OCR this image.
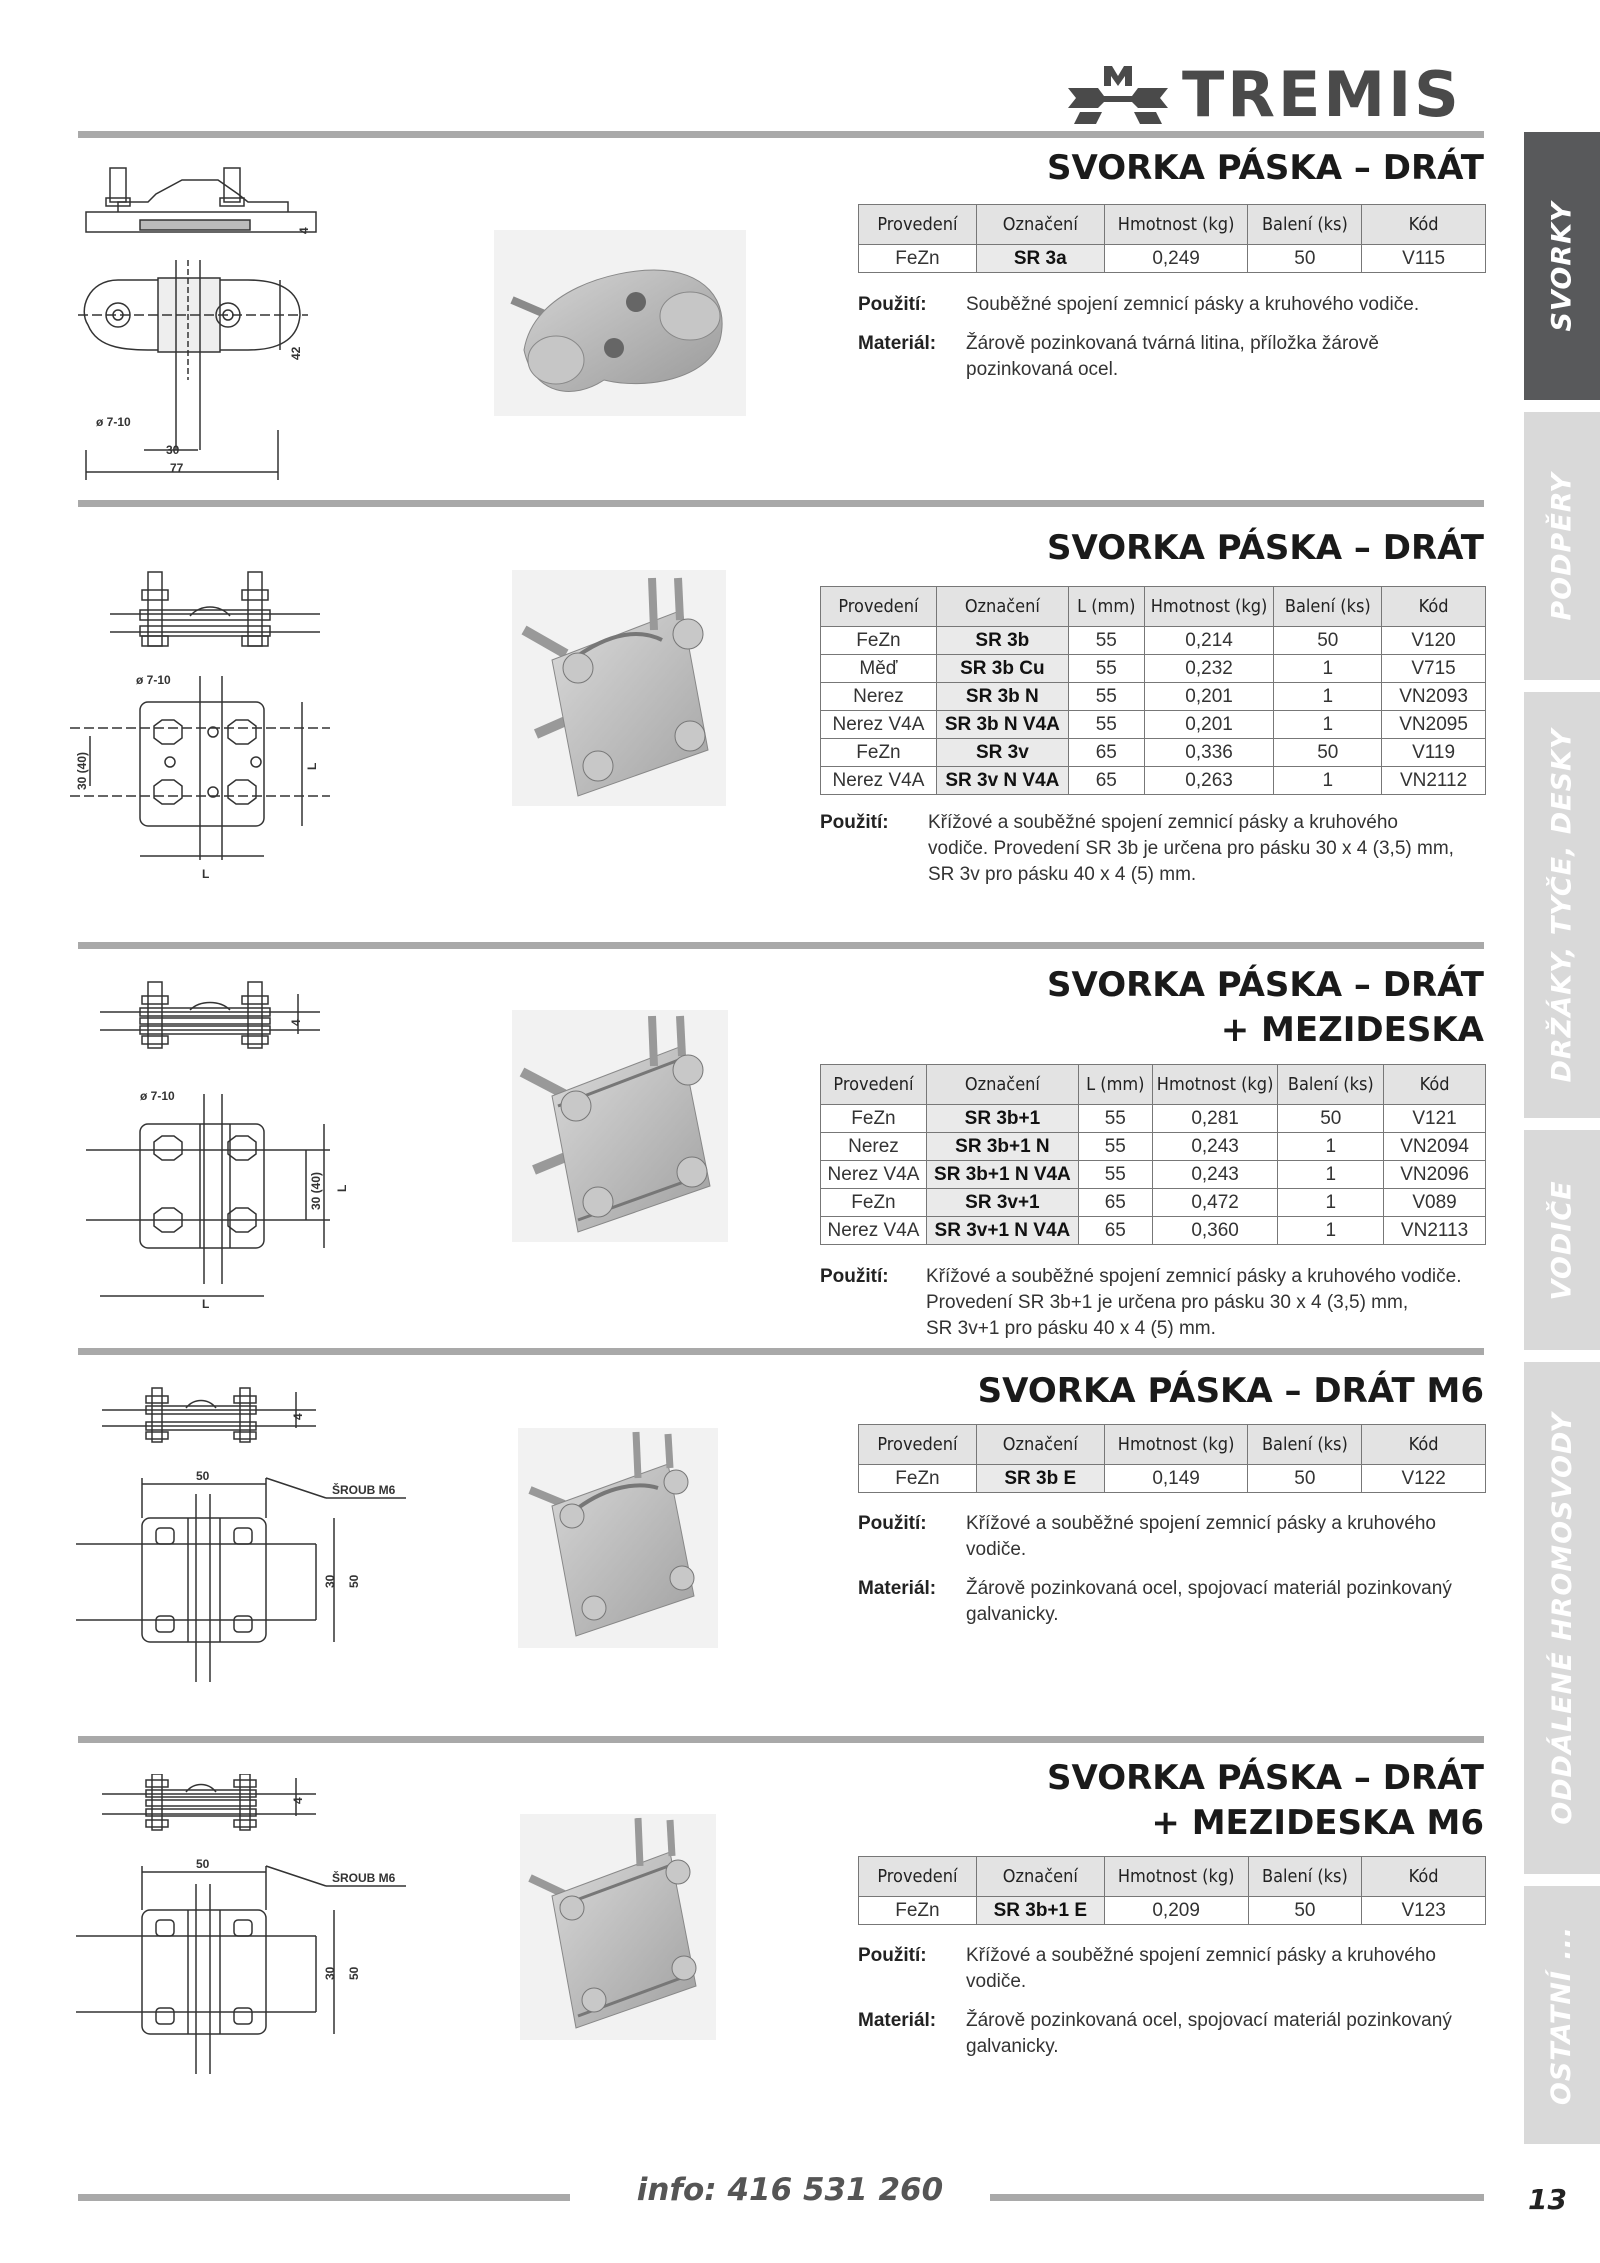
TREMIS
SVORKY
PODPĚRY
DRŽÁKY, TYČE, DESKY
VODIČE
ODDÁLENÉ HROMOSVODY
OSTATNÍ ...
SVORKA PÁSKA – DRÁT
Provedení	Označení	Hmotnost (kg)	Balení (ks)	Kód
FeZn	SR 3a	0,249	50	V115
Použití: Souběžné spojení zemnicí pásky a kruhového vodiče.
Materiál: Žárově pozinkovaná tvárná litina, příložka žárově
pozinkovaná ocel.
4
42
ø 7-10
30
77
SVORKA PÁSKA – DRÁT
Provedení	Označení	L (mm)	Hmotnost (kg)	Balení (ks)	Kód
FeZn	SR 3b	55	0,214	50	V120
Měď	SR 3b Cu	55	0,232	1	V715
Nerez	SR 3b N	55	0,201	1	VN2093
Nerez V4A	SR 3b N V4A	55	0,201	1	VN2095
FeZn	SR 3v	65	0,336	50	V119
Nerez V4A	SR 3v N V4A	65	0,263	1	VN2112
Použití: Křížové a souběžné spojení zemnicí pásky a kruhového
vodiče. Provedení SR 3b je určena pro pásku 30 x 4 (3,5) mm,
SR 3v pro pásku 40 x 4 (5) mm.
ø 7-10
30 (40)	L
L
SVORKA PÁSKA – DRÁT
+ MEZIDESKA
Provedení	Označení	L (mm)	Hmotnost (kg)	Balení (ks)	Kód
FeZn	SR 3b+1	55	0,281	50	V121
Nerez	SR 3b+1 N	55	0,243	1	VN2094
Nerez V4A	SR 3b+1 N V4A	55	0,243	1	VN2096
FeZn	SR 3v+1	65	0,472	1	V089
Nerez V4A	SR 3v+1 N V4A	65	0,360	1	VN2113
Použití: Křížové a souběžné spojení zemnicí pásky a kruhového vodiče.
Provedení SR 3b+1 je určena pro pásku 30 x 4 (3,5) mm,
SR 3v+1 pro pásku 40 x 4 (5) mm.
4
ø 7-10
30 (40) L
L
SVORKA PÁSKA – DRÁT M6
Provedení	Označení	Hmotnost (kg)	Balení (ks)	Kód
FeZn	SR 3b E	0,149	50	V122
Použití: Křížové a souběžné spojení zemnicí pásky a kruhového
vodiče.
Materiál: Žárově pozinkovaná ocel, spojovací materiál pozinkovaný
galvanicky.
4
50
ŠROUB M6
30 50
SVORKA PÁSKA – DRÁT
+ MEZIDESKA M6
Provedení	Označení	Hmotnost (kg)	Balení (ks)	Kód
FeZn	SR 3b+1 E	0,209	50	V123
Použití: Křížové a souběžné spojení zemnicí pásky a kruhového
vodiče.
Materiál: Žárově pozinkovaná ocel, spojovací materiál pozinkovaný
galvanicky.
4
50
ŠROUB M6
30 50
info: 416 531 260	13
